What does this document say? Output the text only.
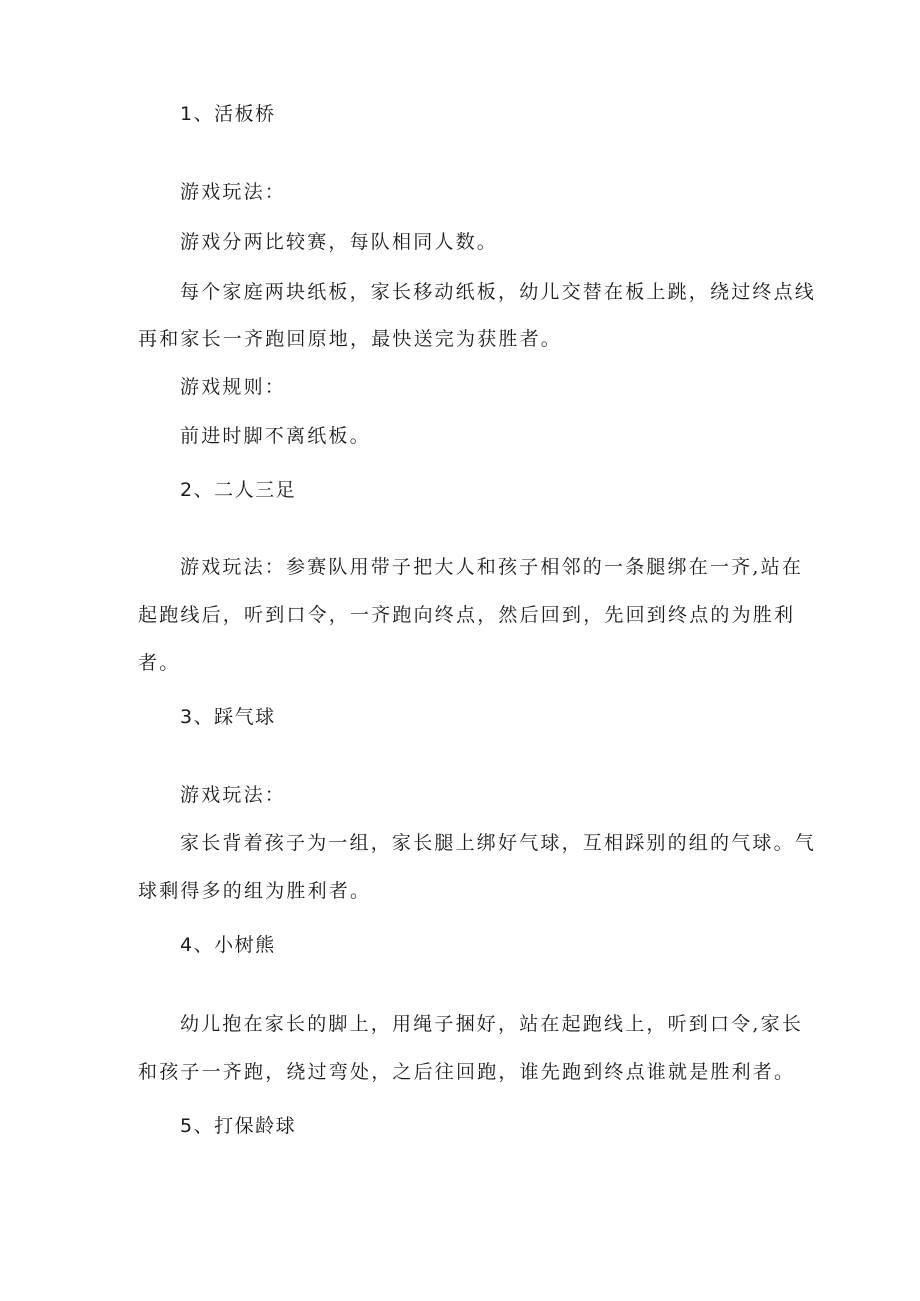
1、活板桥
游戏玩法：
游戏分两比较赛，每队相同人数。
每个家庭两块纸板，家长移动纸板，幼儿交替在板上跳，绕过终点线
再和家长一齐跑回原地，最快送完为获胜者。
游戏规则：
前进时脚不离纸板。
2、二人三足
游戏玩法：参赛队用带子把大人和孩子相邻的一条腿绑在一齐,站在
起跑线后，听到口令，一齐跑向终点，然后回到，先回到终点的为胜利
者。
3、踩气球
游戏玩法：
家长背着孩子为一组，家长腿上绑好气球，互相踩别的组的气球。气
球剩得多的组为胜利者。
4、小树熊
幼儿抱在家长的脚上，用绳子捆好，站在起跑线上，听到口令,家长
和孩子一齐跑，绕过弯处，之后往回跑，谁先跑到终点谁就是胜利者。
5、打保龄球
